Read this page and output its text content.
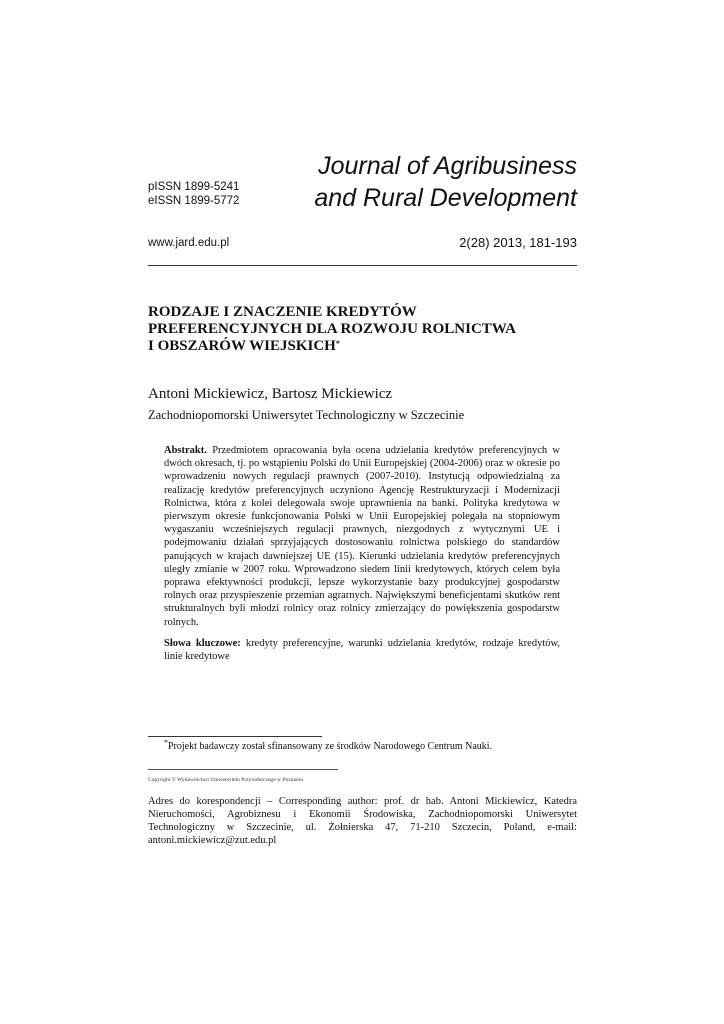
pISSN 1899-5241
eISSN 1899-5772
Journal of Agribusiness
and Rural Development
www.jard.edu.pl	2(28) 2013, 181-193
RODZAJE I ZNACZENIE KREDYTÓW
PREFERENCYJNYCH DLA ROZWOJU ROLNICTWA
I OBSZARÓW WIEJSKICH*
Antoni Mickiewicz, Bartosz Mickiewicz
Zachodniopomorski Uniwersytet Technologiczny w Szczecinie

Abstrakt. Przedmiotem opracowania była ocena udzielania kredytów preferencyjnych w dwóch okresach, tj. po wstąpieniu Polski do Unii Europejskiej (2004-2006) oraz w okresie po wprowadzeniu nowych regulacji prawnych (2007-2010). Instytucją odpowiedzialną za realizację kredytów preferencyjnych uczyniono Agencję Restrukturyzacji i Modernizacji Rolnictwa, która z kolei delegowała swoje uprawnienia na banki. Polityka kredytowa w pierwszym okresie funkcjonowania Polski w Unii Europejskiej polegała na stopniowym wygaszaniu wcześniejszych regulacji prawnych, niezgodnych z wytycznymi UE i podejmowaniu działań sprzyjających dostosowaniu rolnictwa polskiego do standardów panujących w krajach dawniejszej UE (15). Kierunki udzielania kredytów preferencyjnych uległy zmianie w 2007 roku. Wprowadzono siedem linii kredytowych, których celem była poprawa efektywności produkcji, lepsze wykorzystanie bazy produkcyjnej gospodarstw rolnych oraz przyspieszenie przemian agrarnych. Największymi beneficjentami skutków rent strukturalnych byli młodzi rolnicy oraz rolnicy zmierzający do powiększenia gospodarstw rolnych.

Słowa kluczowe: kredyty preferencyjne, warunki udzielania kredytów, rodzaje kredytów, linie kredytowe

*Projekt badawczy został sfinansowany ze środków Narodowego Centrum Nauki.
Copyright © Wydawnictwo Uniwersytetu Przyrodniczego w Poznaniu
Adres do korespondencji – Corresponding author: prof. dr hab. Antoni Mickiewicz, Katedra Nieruchomości, Agrobiznesu i Ekonomii Środowiska, Zachodniopomorski Uniwersytet Technologiczny w Szczecinie, ul. Żołnierska 47, 71-210 Szczecin, Poland, e-mail: antoni.mickiewicz@zut.edu.pl
